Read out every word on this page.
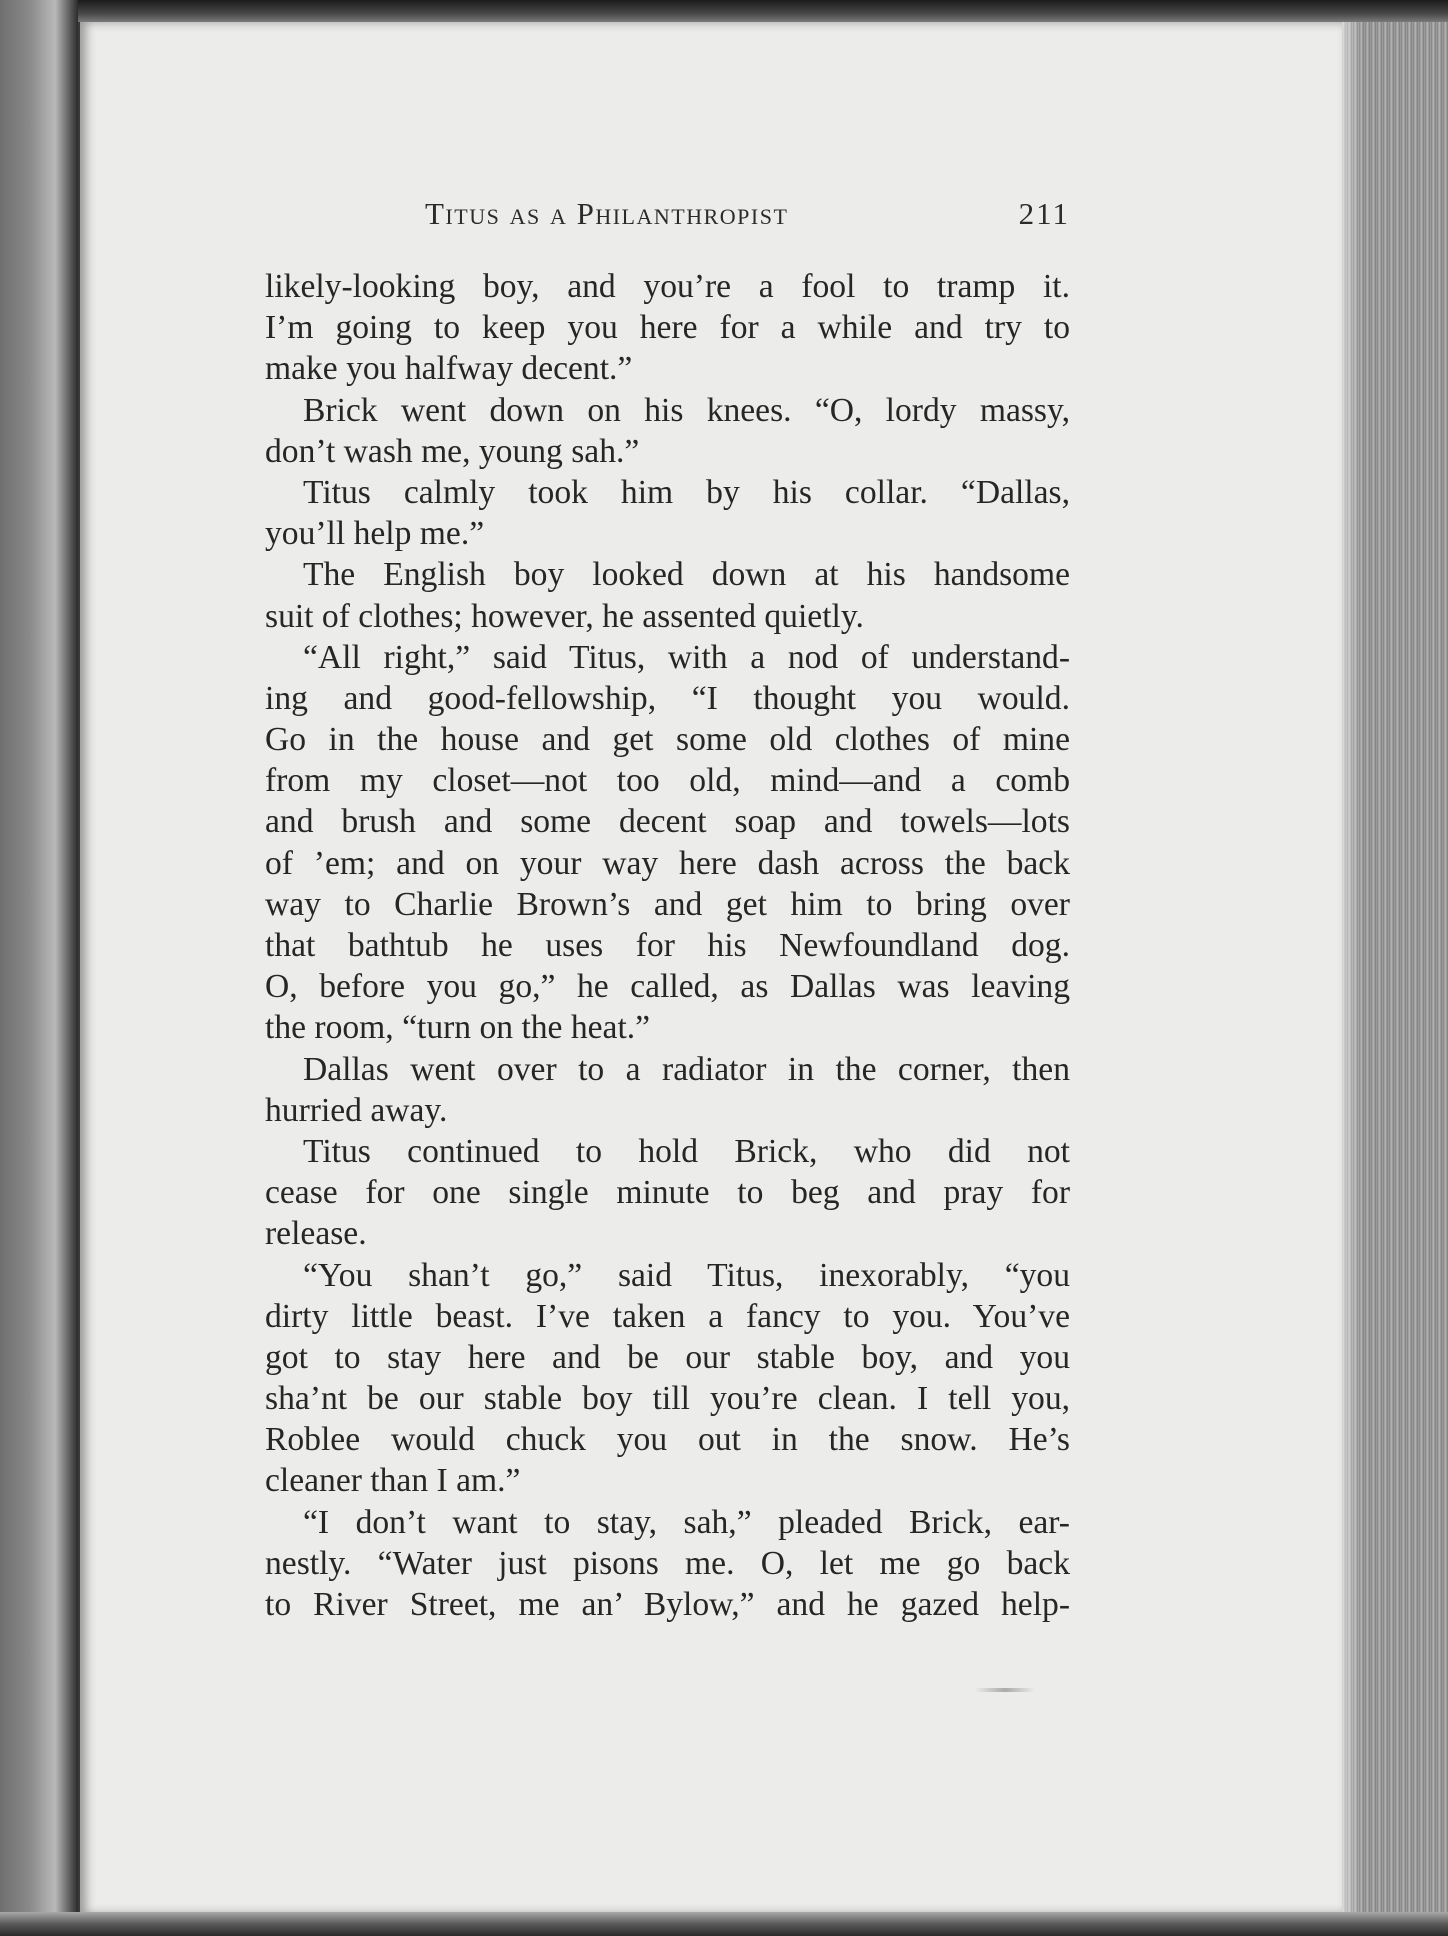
Titus as a Philanthropist	211
likely-looking boy, and you’re a fool to tramp it.
I’m going to keep you here for a while and try to
make you halfway decent.”
Brick went down on his knees. “O, lordy massy,
don’t wash me, young sah.”
Titus calmly took him by his collar. “Dallas,
you’ll help me.”
The English boy looked down at his handsome
suit of clothes; however, he assented quietly.
“All right,” said Titus, with a nod of understand-
ing and good-fellowship, “I thought you would.
Go in the house and get some old clothes of mine
from my closet—not too old, mind—and a comb
and brush and some decent soap and towels—lots
of ’em; and on your way here dash across the back
way to Charlie Brown’s and get him to bring over
that bathtub he uses for his Newfoundland dog.
O, before you go,” he called, as Dallas was leaving
the room, “turn on the heat.”
Dallas went over to a radiator in the corner, then
hurried away.
Titus continued to hold Brick, who did not
cease for one single minute to beg and pray for
release.
“You shan’t go,” said Titus, inexorably, “you
dirty little beast. I’ve taken a fancy to you. You’ve
got to stay here and be our stable boy, and you
sha’nt be our stable boy till you’re clean. I tell you,
Roblee would chuck you out in the snow. He’s
cleaner than I am.”
“I don’t want to stay, sah,” pleaded Brick, ear-
nestly. “Water just pisons me. O, let me go back
to River Street, me an’ Bylow,” and he gazed help-
